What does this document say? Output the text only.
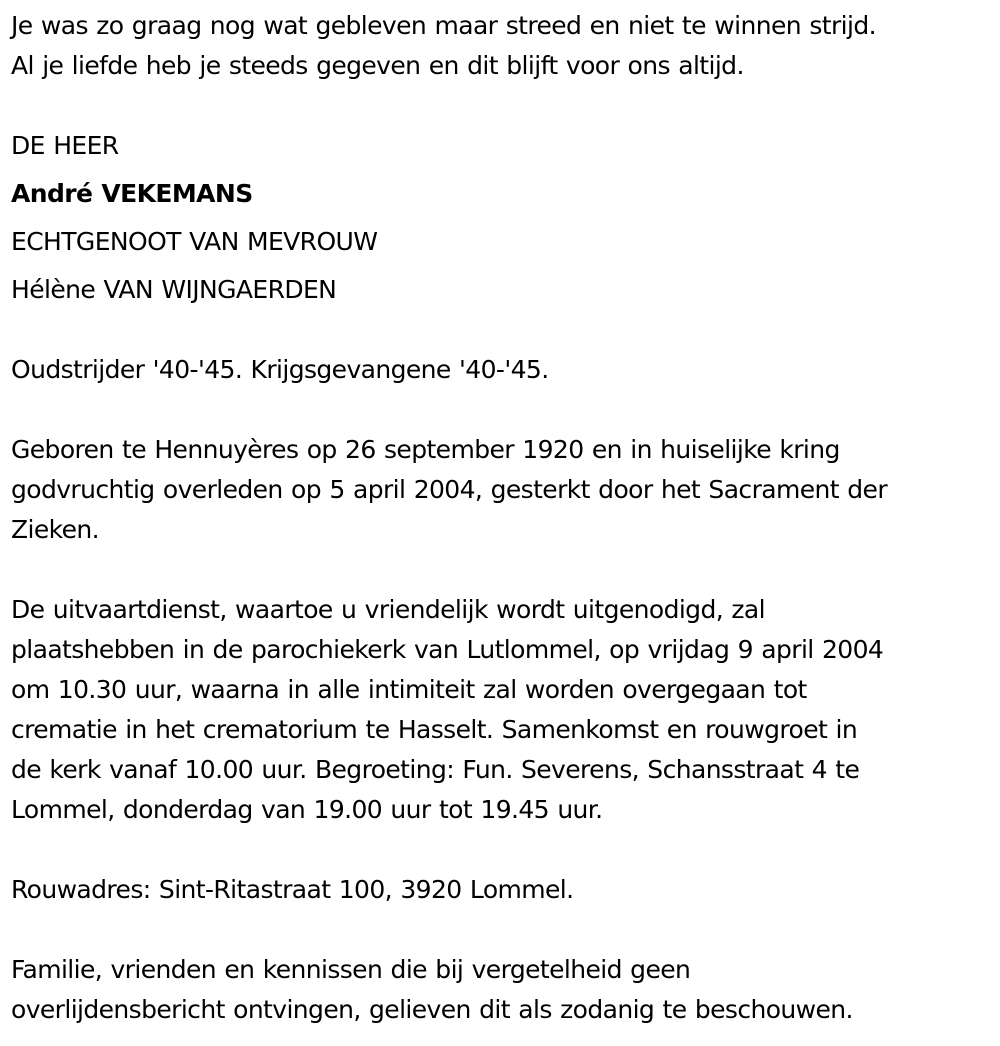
Je was zo graag nog wat gebleven maar streed en niet te winnen strijd.
Al je liefde heb je steeds gegeven en dit blijft voor ons altijd.
DE HEER
André VEKEMANS
ECHTGENOOT VAN MEVROUW
Hélène VAN WIJNGAERDEN
Oudstrijder '40-'45. Krijgsgevangene '40-'45.
Geboren te Hennuyères op 26 september 1920 en in huiselijke kring
godvruchtig overleden op 5 april 2004, gesterkt door het Sacrament der
Zieken.
De uitvaartdienst, waartoe u vriendelijk wordt uitgenodigd, zal
plaatshebben in de parochiekerk van Lutlommel, op vrijdag 9 april 2004
om 10.30 uur, waarna in alle intimiteit zal worden overgegaan tot
crematie in het crematorium te Hasselt. Samenkomst en rouwgroet in
de kerk vanaf 10.00 uur. Begroeting: Fun. Severens, Schansstraat 4 te
Lommel, donderdag van 19.00 uur tot 19.45 uur.
Rouwadres: Sint-Ritastraat 100, 3920 Lommel.
Familie, vrienden en kennissen die bij vergetelheid geen
overlijdensbericht ontvingen, gelieven dit als zodanig te beschouwen.
